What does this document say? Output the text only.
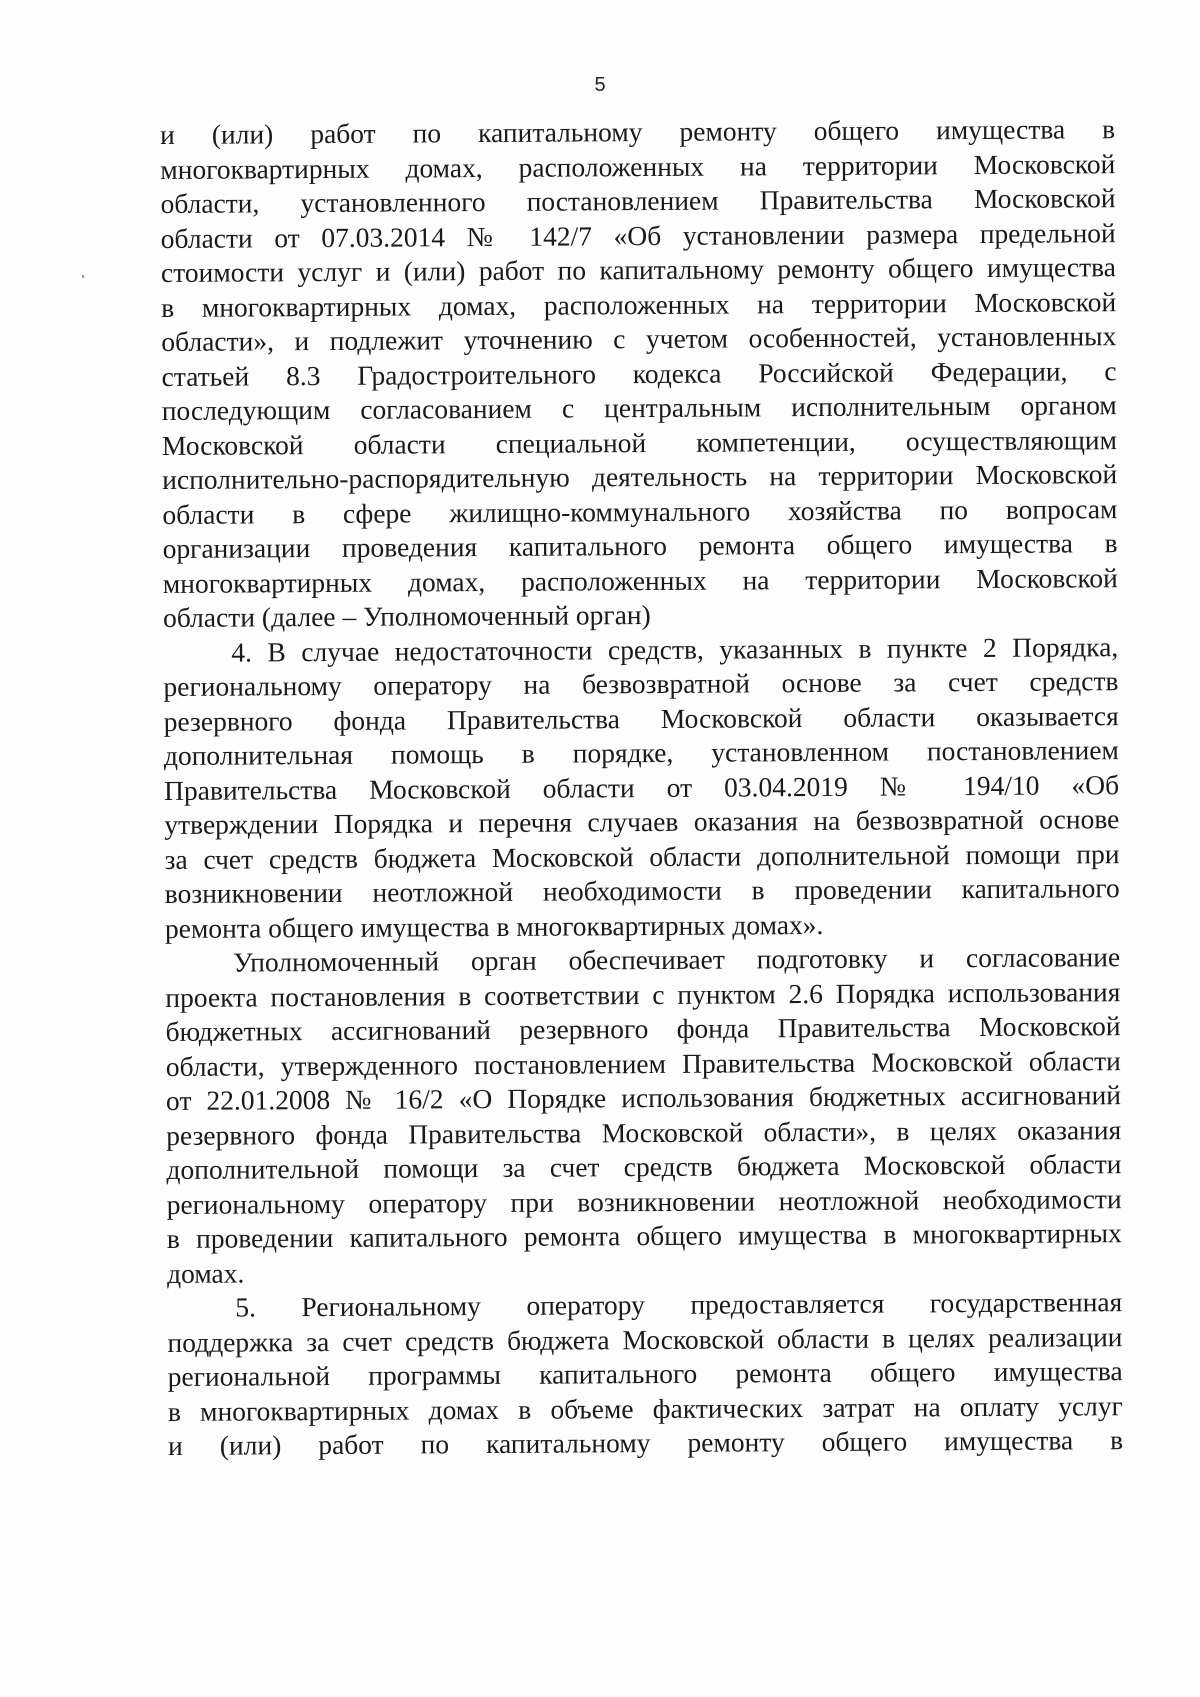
5
и (или) работ по капитальному ремонту общего имущества в
многоквартирных домах, расположенных на территории Московской
области, установленного постановлением Правительства Московской
области от 07.03.2014 № 142/7 «Об установлении размера предельной
стоимости услуг и (или) работ по капитальному ремонту общего имущества
в многоквартирных домах, расположенных на территории Московской
области», и подлежит уточнению с учетом особенностей, установленных
статьей 8.3 Градостроительного кодекса Российской Федерации, с
последующим согласованием с центральным исполнительным органом
Московской области специальной компетенции, осуществляющим
исполнительно-распорядительную деятельность на территории Московской
области в сфере жилищно-коммунального хозяйства по вопросам
организации проведения капитального ремонта общего имущества в
многоквартирных домах, расположенных на территории Московской
области (далее – Уполномоченный орган)
4. В случае недостаточности средств, указанных в пункте 2 Порядка,
региональному оператору на безвозвратной основе за счет средств
резервного фонда Правительства Московской области оказывается
дополнительная помощь в порядке, установленном постановлением
Правительства Московской области от 03.04.2019 № 194/10 «Об
утверждении Порядка и перечня случаев оказания на безвозвратной основе
за счет средств бюджета Московской области дополнительной помощи при
возникновении неотложной необходимости в проведении капитального
ремонта общего имущества в многоквартирных домах».
Уполномоченный орган обеспечивает подготовку и согласование
проекта постановления в соответствии с пунктом 2.6 Порядка использования
бюджетных ассигнований резервного фонда Правительства Московской
области, утвержденного постановлением Правительства Московской области
от 22.01.2008 № 16/2 «О Порядке использования бюджетных ассигнований
резервного фонда Правительства Московской области», в целях оказания
дополнительной помощи за счет средств бюджета Московской области
региональному оператору при возникновении неотложной необходимости
в проведении капитального ремонта общего имущества в многоквартирных
домах.
5. Региональному оператору предоставляется государственная
поддержка за счет средств бюджета Московской области в целях реализации
региональной программы капитального ремонта общего имущества
в многоквартирных домах в объеме фактических затрат на оплату услуг
и (или) работ по капитальному ремонту общего имущества в
